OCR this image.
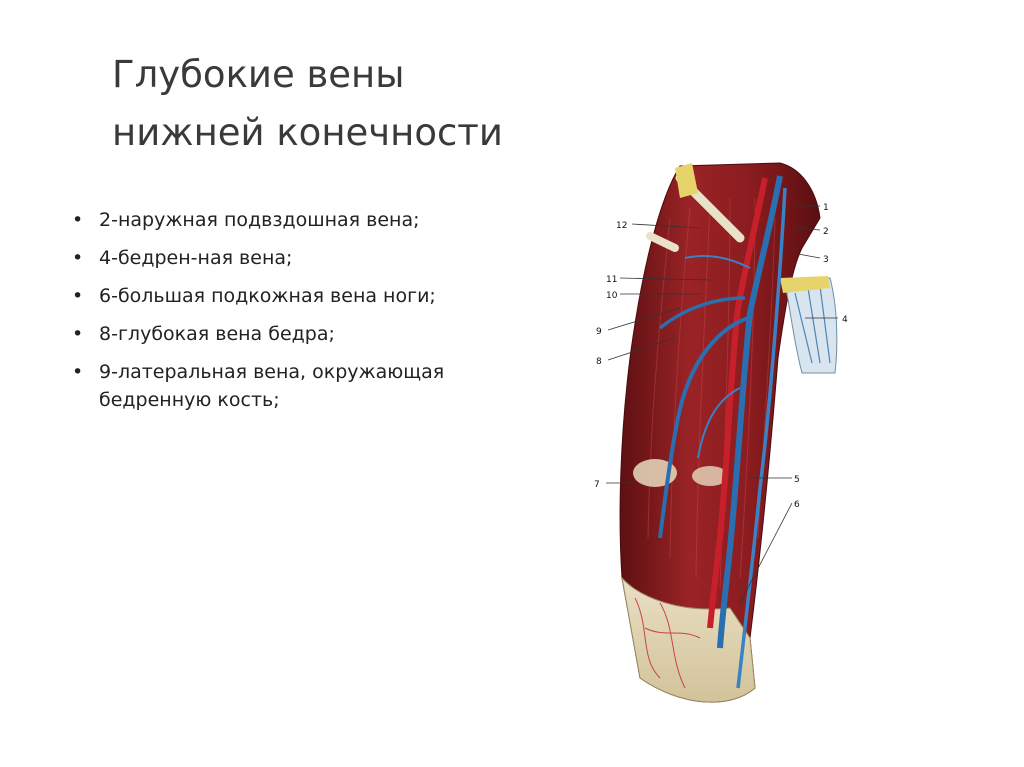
Глубокие вены
нижней конечности
• 2-наружная подвздошная вена;
• 4-бедрен-ная вена;
• 6-большая подкожная вена ноги;
• 8-глубокая вена бедра;
• 9-латеральная вена, окружающая бедренную кость;
1
2
3
4
5
6
7
8
9
10
11
12
